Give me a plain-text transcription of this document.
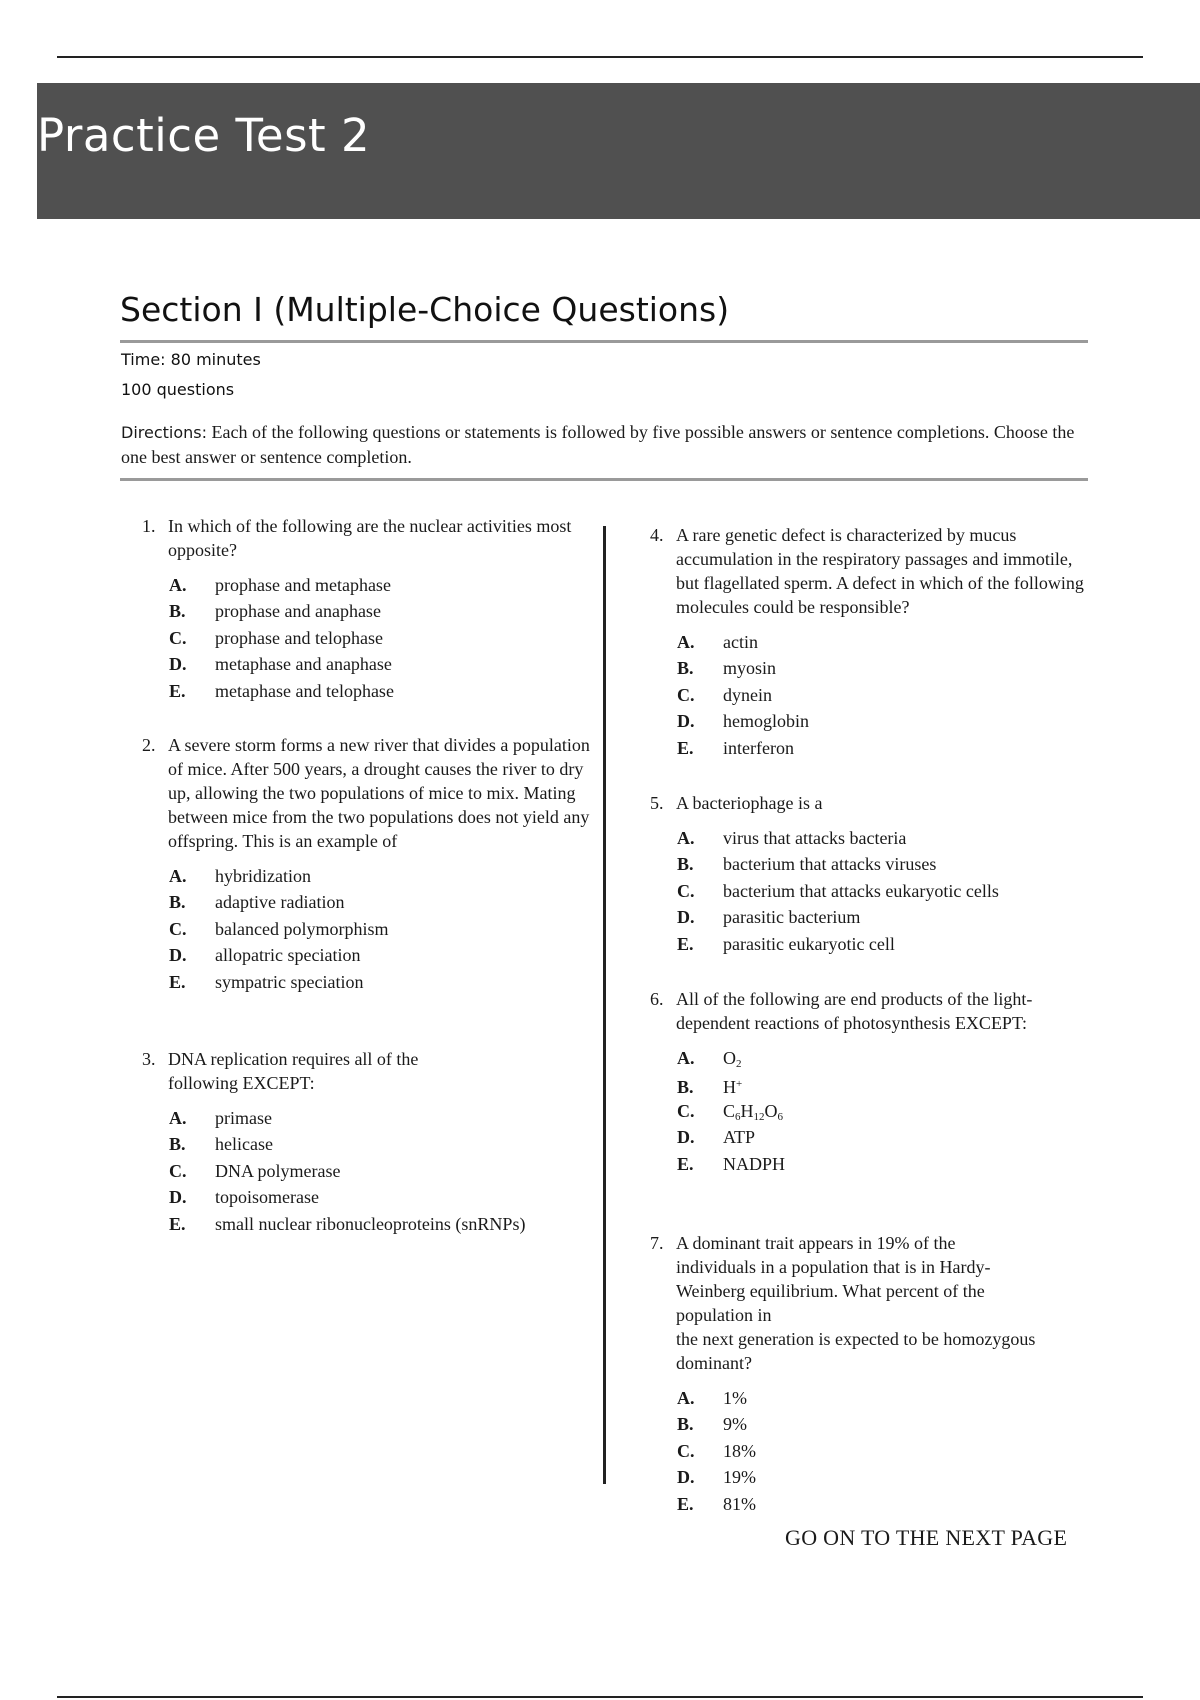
Practice Test 2
Section I (Multiple-Choice Questions)
Time: 80 minutes
100 questions
Directions: Each of the following questions or statements is followed by five possible answers or sentence completions. Choose the one best answer or sentence completion.
1. In which of the following are the nuclear activities most opposite?
A. prophase and metaphase
B. prophase and anaphase
C. prophase and telophase
D. metaphase and anaphase
E. metaphase and telophase
2. A severe storm forms a new river that divides a population of mice. After 500 years, a drought causes the river to dry up, allowing the two populations of mice to mix. Mating between mice from the two populations does not yield any offspring. This is an example of
A. hybridization
B. adaptive radiation
C. balanced polymorphism
D. allopatric speciation
E. sympatric speciation
3. DNA replication requires all of the following EXCEPT:
A. primase
B. helicase
C. DNA polymerase
D. topoisomerase
E. small nuclear ribonucleoproteins (snRNPs)
4. A rare genetic defect is characterized by mucus accumulation in the respiratory passages and immotile, but flagellated sperm. A defect in which of the following molecules could be responsible?
A. actin
B. myosin
C. dynein
D. hemoglobin
E. interferon
5. A bacteriophage is a
A. virus that attacks bacteria
B. bacterium that attacks viruses
C. bacterium that attacks eukaryotic cells
D. parasitic bacterium
E. parasitic eukaryotic cell
6. All of the following are end products of the light- dependent reactions of photosynthesis EXCEPT:
A. $O_2$
B. H+
C. $C_6H_{12}O_6$
D. ATP
E. NADPH
7. A dominant trait appears in 19% of the individuals in a population that is in Hardy-Weinberg equilibrium. What percent of the population in
the next generation is expected to be homozygous dominant?
A. 1%
B. 9%
C. 18%
D. 19%
E. 81%
GO ON TO THE NEXT PAGE
